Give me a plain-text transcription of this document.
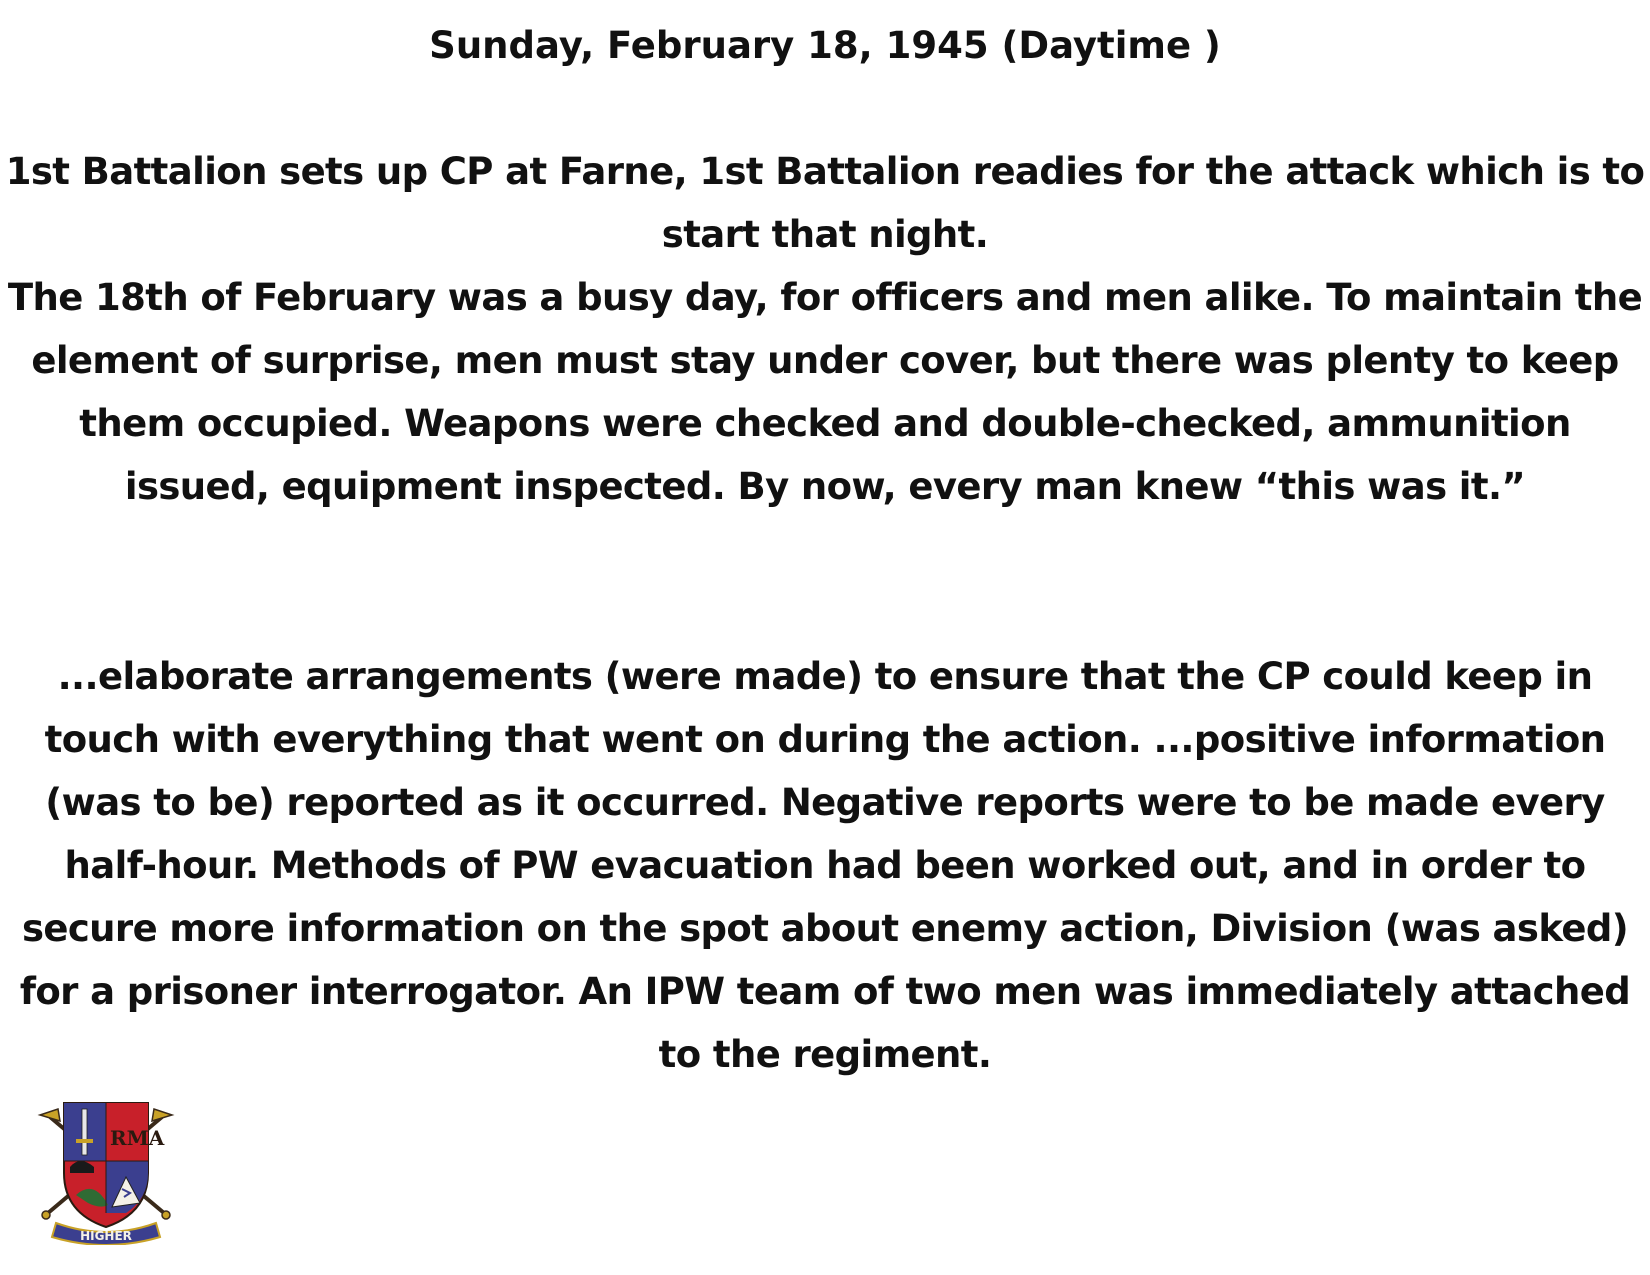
Sunday, February 18, 1945 (Daytime )

1st Battalion sets up CP at Farne, 1st Battalion readies for the attack which is to start that night.

The 18th of February was a busy day, for officers and men alike. To maintain the element of surprise, men must stay under cover, but there was plenty to keep them occupied. Weapons were checked and double-checked, ammunition issued, equipment inspected. By now, every man knew “this was it.”

...elaborate arrangements (were made) to ensure that the CP could keep in touch with everything that went on during the action. ...positive information (was to be) reported as it occurred. Negative reports were to be made every half-hour. Methods of PW evacuation had been worked out, and in order to secure more information on the spot about enemy action, Division (was asked) for a prisoner interrogator. An IPW team of two men was immediately attached to the regiment.

RMA
HIGHER
